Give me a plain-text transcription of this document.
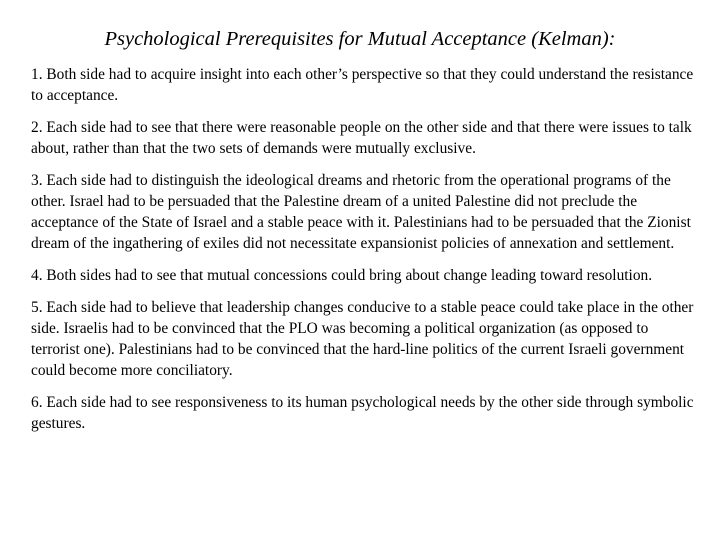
Psychological Prerequisites for Mutual Acceptance (Kelman):
1. Both side had to acquire insight into each other’s perspective so that they could understand the resistance to acceptance.
2. Each side had to see that there were reasonable people on the other side and that there were issues to talk about, rather than that the two sets of demands were mutually exclusive.
3. Each side had to distinguish the ideological dreams and rhetoric from the operational programs of the other. Israel had to be persuaded that the Palestine dream of a united Palestine did not preclude the acceptance of the State of Israel and a stable peace with it. Palestinians had to be persuaded that the Zionist dream of the ingathering of exiles did not necessitate expansionist policies of annexation and settlement.
4. Both sides had to see that mutual concessions could bring about change leading toward resolution.
5. Each side had to believe that leadership changes conducive to a stable peace could take place in the other side. Israelis had to be convinced that the PLO was becoming a political organization (as opposed to terrorist one). Palestinians had to be convinced that the hard-line politics of the current Israeli government could become more conciliatory.
6. Each side had to see responsiveness to its human psychological needs by the other side through symbolic gestures.
